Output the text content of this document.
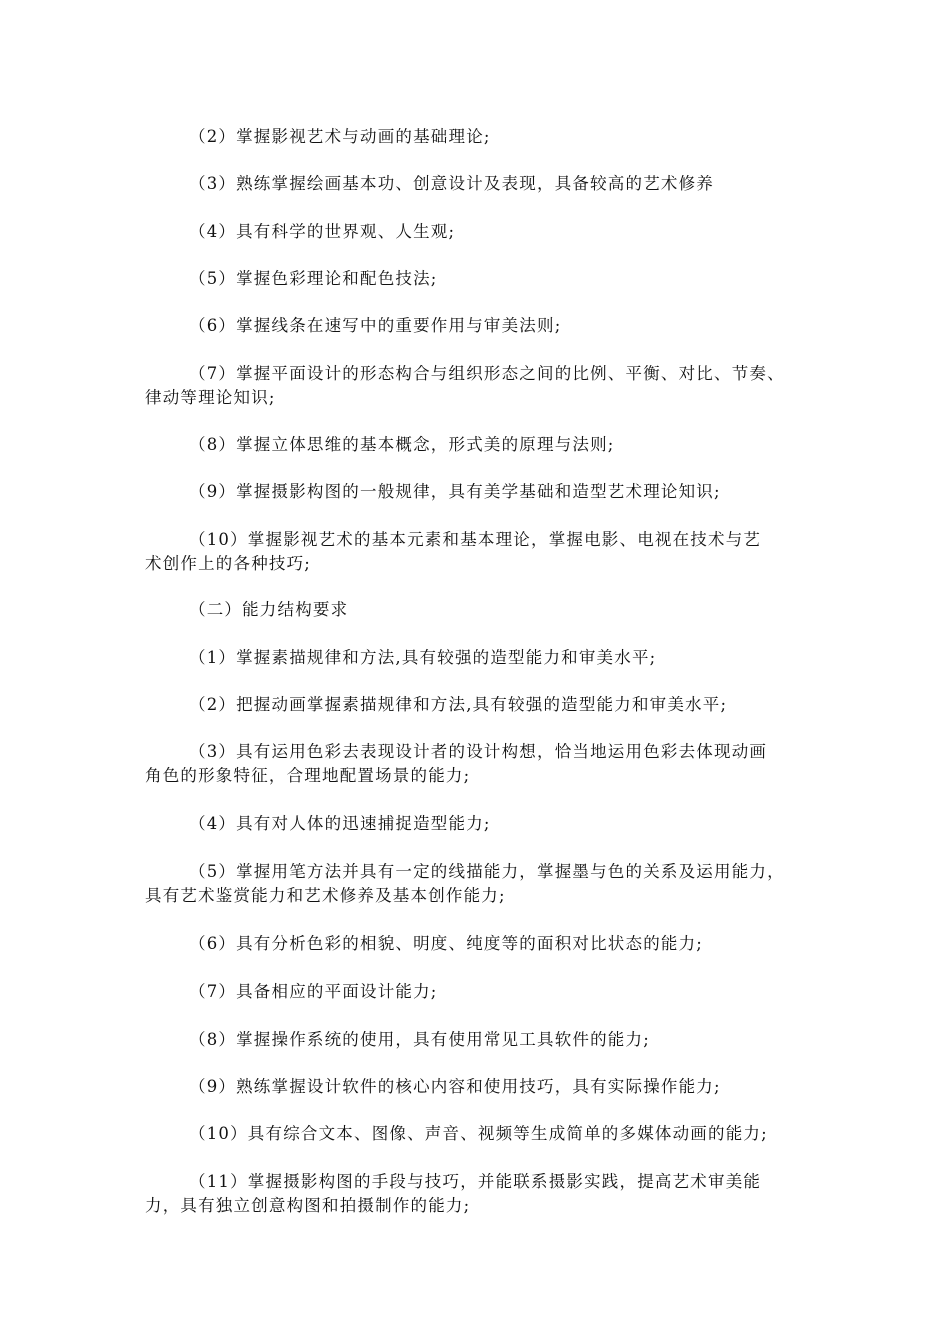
（2）掌握影视艺术与动画的基础理论;

（3）熟练掌握绘画基本功、创意设计及表现，具备较高的艺术修养

（4）具有科学的世界观、人生观;

（5）掌握色彩理论和配色技法;

（6）掌握线条在速写中的重要作用与审美法则;

（7）掌握平面设计的形态构合与组织形态之间的比例、平衡、对比、节奏、
律动等理论知识;

（8）掌握立体思维的基本概念，形式美的原理与法则;

（9）掌握摄影构图的一般规律，具有美学基础和造型艺术理论知识;

（10）掌握影视艺术的基本元素和基本理论，掌握电影、电视在技术与艺
术创作上的各种技巧;

（二）能力结构要求

（1）掌握素描规律和方法,具有较强的造型能力和审美水平;

（2）把握动画掌握素描规律和方法,具有较强的造型能力和审美水平;

（3）具有运用色彩去表现设计者的设计构想，恰当地运用色彩去体现动画
角色的形象特征，合理地配置场景的能力;

（4）具有对人体的迅速捕捉造型能力;

（5）掌握用笔方法并具有一定的线描能力，掌握墨与色的关系及运用能力，
具有艺术鉴赏能力和艺术修养及基本创作能力;

（6）具有分析色彩的相貌、明度、纯度等的面积对比状态的能力;

（7）具备相应的平面设计能力;

（8）掌握操作系统的使用，具有使用常见工具软件的能力;

（9）熟练掌握设计软件的核心内容和使用技巧，具有实际操作能力;

（10）具有综合文本、图像、声音、视频等生成简单的多媒体动画的能力;

（11）掌握摄影构图的手段与技巧，并能联系摄影实践，提高艺术审美能
力，具有独立创意构图和拍摄制作的能力;
